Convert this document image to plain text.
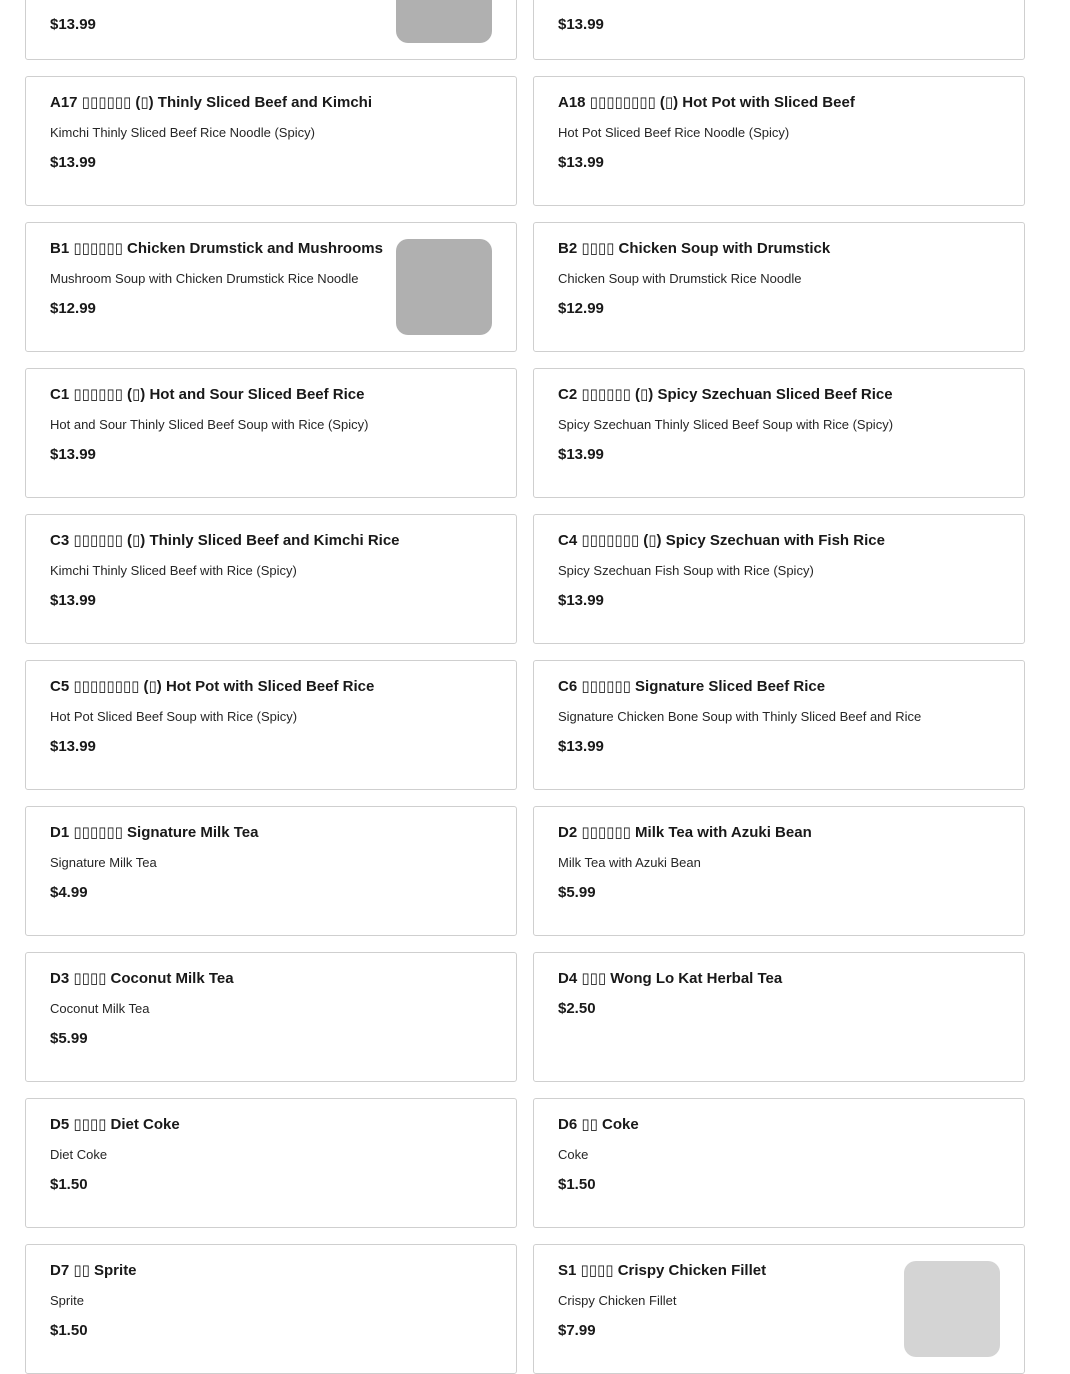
$13.99	$13.99
A17 ▯▯▯▯▯▯ (▯) Thinly Sliced Beef and Kimchi
Kimchi Thinly Sliced Beef Rice Noodle (Spicy)
$13.99
A18 ▯▯▯▯▯▯▯▯ (▯) Hot Pot with Sliced Beef
Hot Pot Sliced Beef Rice Noodle (Spicy)
$13.99
B1 ▯▯▯▯▯▯ Chicken Drumstick and Mushrooms
Mushroom Soup with Chicken Drumstick Rice Noodle
$12.99
B2 ▯▯▯▯ Chicken Soup with Drumstick
Chicken Soup with Drumstick Rice Noodle
$12.99
C1 ▯▯▯▯▯▯ (▯) Hot and Sour Sliced Beef Rice
Hot and Sour Thinly Sliced Beef Soup with Rice (Spicy)
$13.99
C2 ▯▯▯▯▯▯ (▯) Spicy Szechuan Sliced Beef Rice
Spicy Szechuan Thinly Sliced Beef Soup with Rice (Spicy)
$13.99
C3 ▯▯▯▯▯▯ (▯) Thinly Sliced Beef and Kimchi Rice
Kimchi Thinly Sliced Beef with Rice (Spicy)
$13.99
C4 ▯▯▯▯▯▯▯ (▯) Spicy Szechuan with Fish Rice
Spicy Szechuan Fish Soup with Rice (Spicy)
$13.99
C5 ▯▯▯▯▯▯▯▯ (▯) Hot Pot with Sliced Beef Rice
Hot Pot Sliced Beef Soup with Rice (Spicy)
$13.99
C6 ▯▯▯▯▯▯ Signature Sliced Beef Rice
Signature Chicken Bone Soup with Thinly Sliced Beef and Rice
$13.99
D1 ▯▯▯▯▯▯ Signature Milk Tea
Signature Milk Tea
$4.99
D2 ▯▯▯▯▯▯ Milk Tea with Azuki Bean
Milk Tea with Azuki Bean
$5.99
D3 ▯▯▯▯ Coconut Milk Tea
Coconut Milk Tea
$5.99
D4 ▯▯▯ Wong Lo Kat Herbal Tea
$2.50
D5 ▯▯▯▯ Diet Coke
Diet Coke
$1.50
D6 ▯▯ Coke
Coke
$1.50
D7 ▯▯ Sprite
Sprite
$1.50
S1 ▯▯▯▯ Crispy Chicken Fillet
Crispy Chicken Fillet
$7.99
